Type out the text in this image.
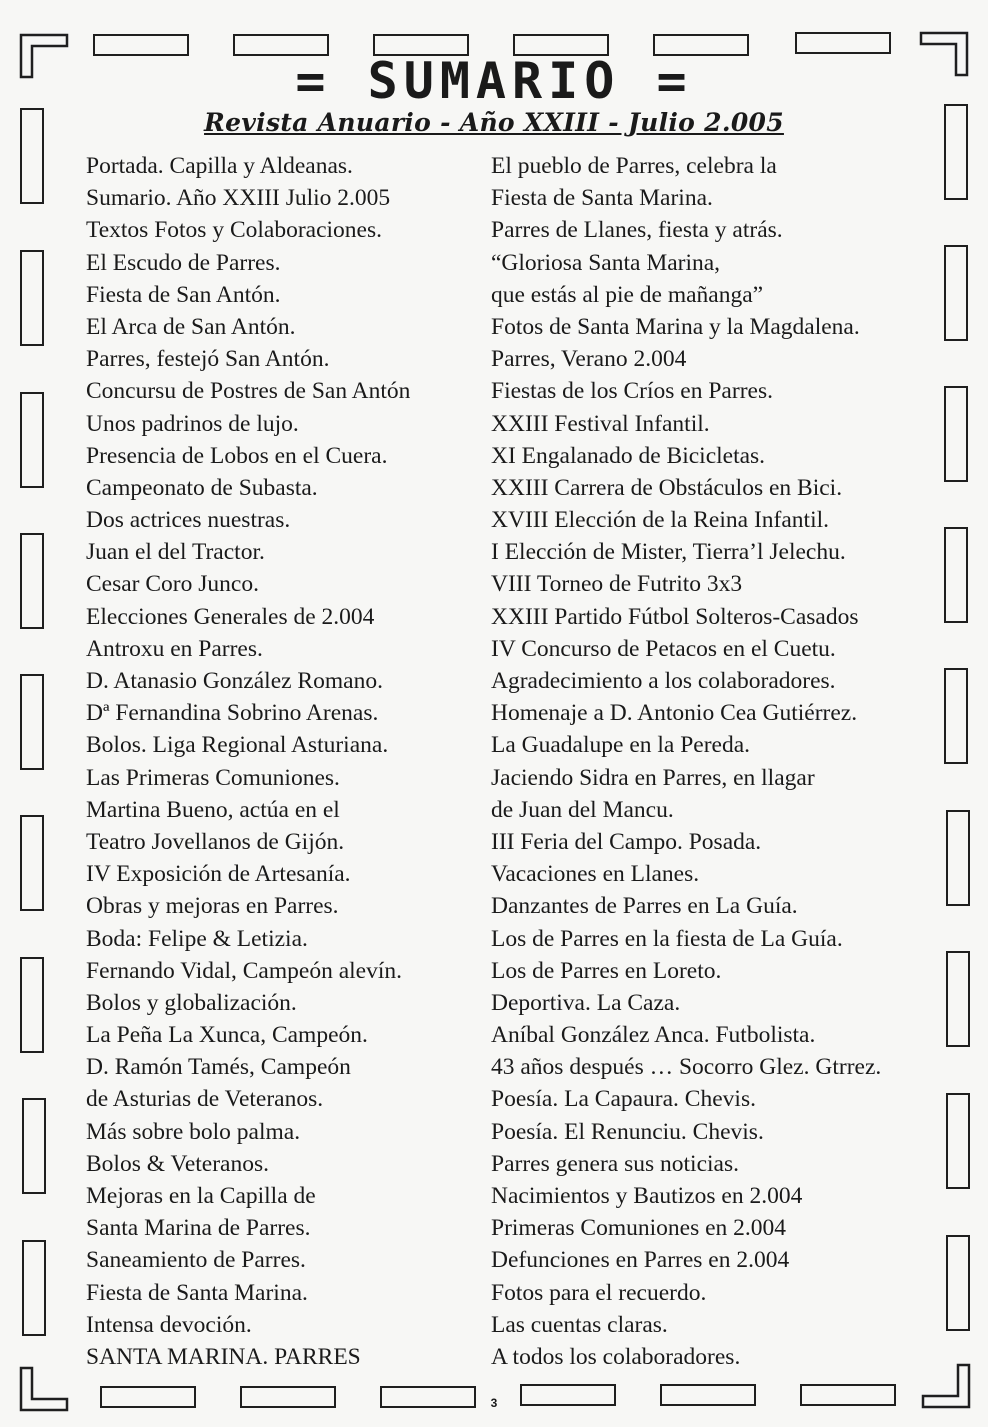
= SUMARIO =
Revista Anuario - Año XXIII - Julio 2.005
Portada. Capilla y Aldeanas.
Sumario. Año XXIII Julio 2.005
Textos Fotos y Colaboraciones.
El Escudo de Parres.
Fiesta de San Antón.
El Arca de San Antón.
Parres, festejó San Antón.
Concursu de Postres de San Antón
Unos padrinos de lujo.
Presencia de Lobos en el Cuera.
Campeonato de Subasta.
Dos actrices nuestras.
Juan el del Tractor.
Cesar Coro Junco.
Elecciones Generales de 2.004
Antroxu en Parres.
D. Atanasio González Romano.
Dª Fernandina Sobrino Arenas.
Bolos. Liga Regional Asturiana.
Las Primeras Comuniones.
Martina Bueno, actúa en el
Teatro Jovellanos de Gijón.
IV Exposición de Artesanía.
Obras y mejoras en Parres.
Boda: Felipe & Letizia.
Fernando Vidal, Campeón alevín.
Bolos y globalización.
La Peña La Xunca, Campeón.
D. Ramón Tamés, Campeón
de Asturias de Veteranos.
Más sobre bolo palma.
Bolos & Veteranos.
Mejoras en la Capilla de
Santa Marina de Parres.
Saneamiento de Parres.
Fiesta de Santa Marina.
Intensa devoción.
SANTA MARINA. PARRES
El pueblo de Parres, celebra la
Fiesta de Santa Marina.
Parres de Llanes, fiesta y atrás.
“Gloriosa Santa Marina,
que estás al pie de mañanga”
Fotos de Santa Marina y la Magdalena.
Parres, Verano 2.004
Fiestas de los Críos en Parres.
XXIII Festival Infantil.
XI Engalanado de Bicicletas.
XXIII Carrera de Obstáculos en Bici.
XVIII Elección de la Reina Infantil.
I Elección de Mister, Tierra’l Jelechu.
VIII Torneo de Futrito 3x3
XXIII Partido Fútbol Solteros-Casados
IV Concurso de Petacos en el Cuetu.
Agradecimiento a los colaboradores.
Homenaje a D. Antonio Cea Gutiérrez.
La Guadalupe en la Pereda.
Jaciendo Sidra en Parres, en llagar
de Juan del Mancu.
III Feria del Campo. Posada.
Vacaciones en Llanes.
Danzantes de Parres en La Guía.
Los de Parres en la fiesta de La Guía.
Los de Parres en Loreto.
Deportiva. La Caza.
Aníbal González Anca. Futbolista.
43 años después … Socorro Glez. Gtrrez.
Poesía. La Capaura. Chevis.
Poesía. El Renunciu. Chevis.
Parres genera sus noticias.
Nacimientos y Bautizos en 2.004
Primeras Comuniones en 2.004
Defunciones en Parres en 2.004
Fotos para el recuerdo.
Las cuentas claras.
A todos los colaboradores.
3
